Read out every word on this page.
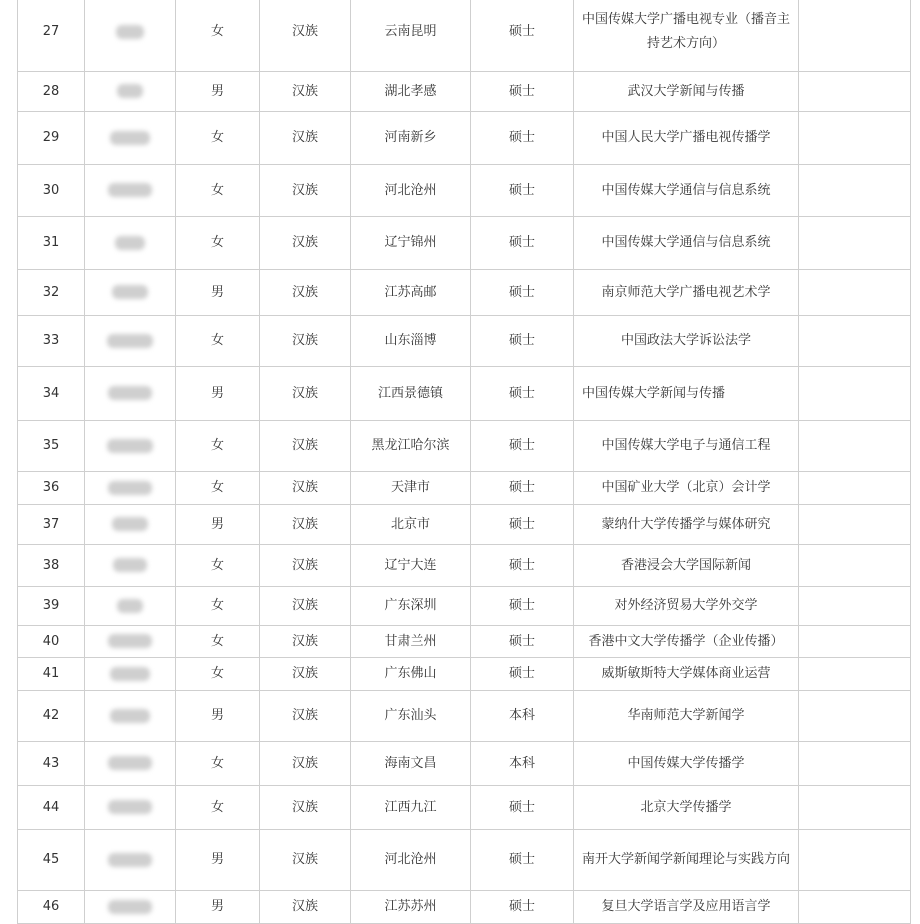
27		女	汉族	云南昆明	硕士	中国传媒大学广播电视专业（播音主持艺术方向）	
28		男	汉族	湖北孝感	硕士	武汉大学新闻与传播	
29		女	汉族	河南新乡	硕士	中国人民大学广播电视传播学	
30		女	汉族	河北沧州	硕士	中国传媒大学通信与信息系统	
31		女	汉族	辽宁锦州	硕士	中国传媒大学通信与信息系统	
32		男	汉族	江苏高邮	硕士	南京师范大学广播电视艺术学	
33		女	汉族	山东淄博	硕士	中国政法大学诉讼法学	
34		男	汉族	江西景德镇	硕士	中国传媒大学新闻与传播	
35		女	汉族	黑龙江哈尔滨	硕士	中国传媒大学电子与通信工程	
36		女	汉族	天津市	硕士	中国矿业大学（北京）会计学	
37		男	汉族	北京市	硕士	蒙纳什大学传播学与媒体研究	
38		女	汉族	辽宁大连	硕士	香港浸会大学国际新闻	
39		女	汉族	广东深圳	硕士	对外经济贸易大学外交学	
40		女	汉族	甘肃兰州	硕士	香港中文大学传播学（企业传播）	
41		女	汉族	广东佛山	硕士	威斯敏斯特大学媒体商业运营	
42		男	汉族	广东汕头	本科	华南师范大学新闻学	
43		女	汉族	海南文昌	本科	中国传媒大学传播学	
44		女	汉族	江西九江	硕士	北京大学传播学	
45		男	汉族	河北沧州	硕士	南开大学新闻学新闻理论与实践方向	
46		男	汉族	江苏苏州	硕士	复旦大学语言学及应用语言学	
